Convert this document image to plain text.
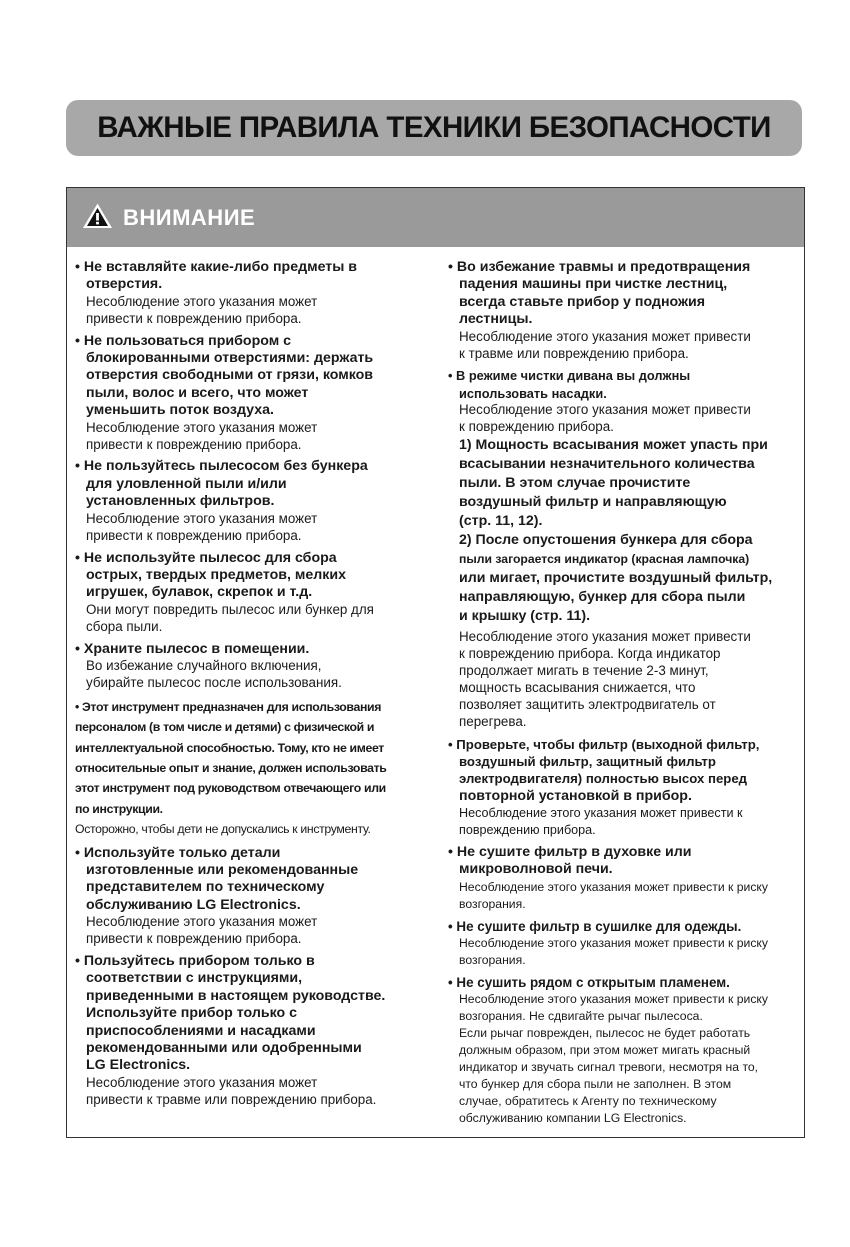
ВАЖНЫЕ ПРАВИЛА ТЕХНИКИ БЕЗОПАСНОСТИ
ВНИМАНИЕ
• Не вставляйте какие-либо предметы в
отверстия.
Несоблюдение этого указания может
привести к повреждению прибора.
• Не пользоваться прибором с
блокированными отверстиями: держать
отверстия свободными от грязи, комков
пыли, волос и всего, что может
уменьшить поток воздуха.
Несоблюдение этого указания может
привести к повреждению прибора.
• Не пользуйтесь пылесосом без бункера
для уловленной пыли и/или
установленных фильтров.
Несоблюдение этого указания может
привести к повреждению прибора.
• Не используйте пылесос для сбора
острых, твердых предметов, мелких
игрушек, булавок, скрепок и т.д.
Они могут повредить пылесос или бункер для
сбора пыли.
• Храните пылесос в помещении.
Во избежание случайного включения,
убирайте пылесос после использования.
• Этот инструмент предназначен для использования
персоналом (в том числе и детями) с физической и
интеллектуальной способностью. Тому, кто не имеет
относительные опыт и знание, должен использовать
этот инструмент под руководством отвечающего или
по инструкции.
Осторожно, чтобы дети не допускались к инструменту.
• Используйте только детали
изготовленные или рекомендованные
представителем по техническому
обслуживанию LG Electronics.
Несоблюдение этого указания может
привести к повреждению прибора.
• Пользуйтесь прибором только в
соответствии с инструкциями,
приведенными в настоящем руководстве.
Используйте прибор только с
приспособлениями и насадками
рекомендованными или одобренными
LG Electronics.
Несоблюдение этого указания может
привести к травме или повреждению прибора.
• Во избежание травмы и предотвращения
падения машины при чистке лестниц,
всегда ставьте прибор у подножия
лестницы.
Несоблюдение этого указания может привести
к травме или повреждению прибора.
• В режиме чистки дивана вы должны
использовать насадки.
Несоблюдение этого указания может привести
к повреждению прибора.
1) Мощность всасывания может упасть при
всасывании незначительного количества
пыли. В этом случае прочистите
воздушный фильтр и направляющую
(стр. 11, 12).
2) После опустошения бункера для сбора
пыли загорается индикатор (красная лампочка)
или мигает, прочистите воздушный фильтр,
направляющую, бункер для сбора пыли
и крышку (стр. 11).
Несоблюдение этого указания может привести
к повреждению прибора. Когда индикатор
продолжает мигать в течение 2-3 минут,
мощность всасывания снижается, что
позволяет защитить электродвигатель от
перегрева.
• Проверьте, чтобы фильтр (выходной фильтр,
воздушный фильтр, защитный фильтр
электродвигателя) полностью высох перед
повторной установкой в прибор.
Несоблюдение этого указания может привести к
повреждению прибора.
• Не сушите фильтр в духовке или
микроволновой печи.
Несоблюдение этого указания может привести к риску
возгорания.
• Не сушите фильтр в сушилке для одежды.
Несоблюдение этого указания может привести к риску
возгорания.
• Не сушить рядом с открытым пламенем.
Несоблюдение этого указания может привести к риску
возгорания. Не сдвигайте рычаг пылесоса.
Если рычаг поврежден, пылесос не будет работать
должным образом, при этом может мигать красный
индикатор и звучать сигнал тревоги, несмотря на то,
что бункер для сбора пыли не заполнен. В этом
случае, обратитесь к Агенту по техническому
обслуживанию компании LG Electronics.
